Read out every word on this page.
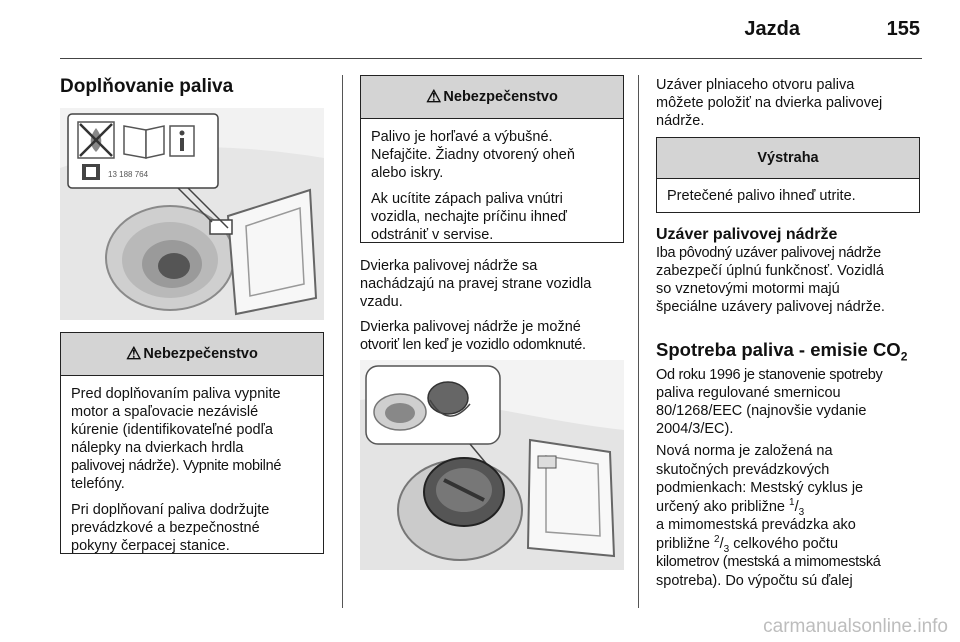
Jazda	155
Doplňovanie paliva
13 188 764
⚠ Nebezpečenstvo

Pred doplňovaním paliva vypnite
motor a spaľovacie nezávislé
kúrenie (identifikovateľné podľa
nálepky na dvierkach hrdla
palivovej nádrže). Vypnite mobilné
telefóny.

Pri doplňovaní paliva dodržujte
prevádzkové a bezpečnostné
pokyny čerpacej stanice.

⚠ Nebezpečenstvo

Palivo je horľavé a výbušné.
Nefajčite. Žiadny otvorený oheň
alebo iskry.

Ak ucítite zápach paliva vnútri
vozidla, nechajte príčinu ihneď
odstrániť v servise.

Dvierka palivovej nádrže sa
nachádzajú na pravej strane vozidla
vzadu.

Dvierka palivovej nádrže je možné
otvoriť len keď je vozidlo odomknuté.

Uzáver plniaceho otvoru paliva
môžete položiť na dvierka palivovej
nádrže.

Výstraha

Pretečené palivo ihneď utrite.

Uzáver palivovej nádrže

Iba pôvodný uzáver palivovej nádrže
zabezpečí úplnú funkčnosť. Vozidlá
so vznetovými motormi majú
špeciálne uzávery palivovej nádrže.

Spotreba paliva - emisie $CO_2$

Od roku 1996 je stanovenie spotreby
paliva regulované smernicou
80/1268/EEC (najnovšie vydanie
2004/3/EC).

Nová norma je založená na
skutočných prevádzkových
podmienkach: Mestský cyklus je
určený ako približne $^1/_3$
a mimomestská prevádzka ako
približne $^2/_3$ celkového počtu
kilometrov (mestská a mimomestská
spotreba). Do výpočtu sú ďalej

carmanualsonline.info
